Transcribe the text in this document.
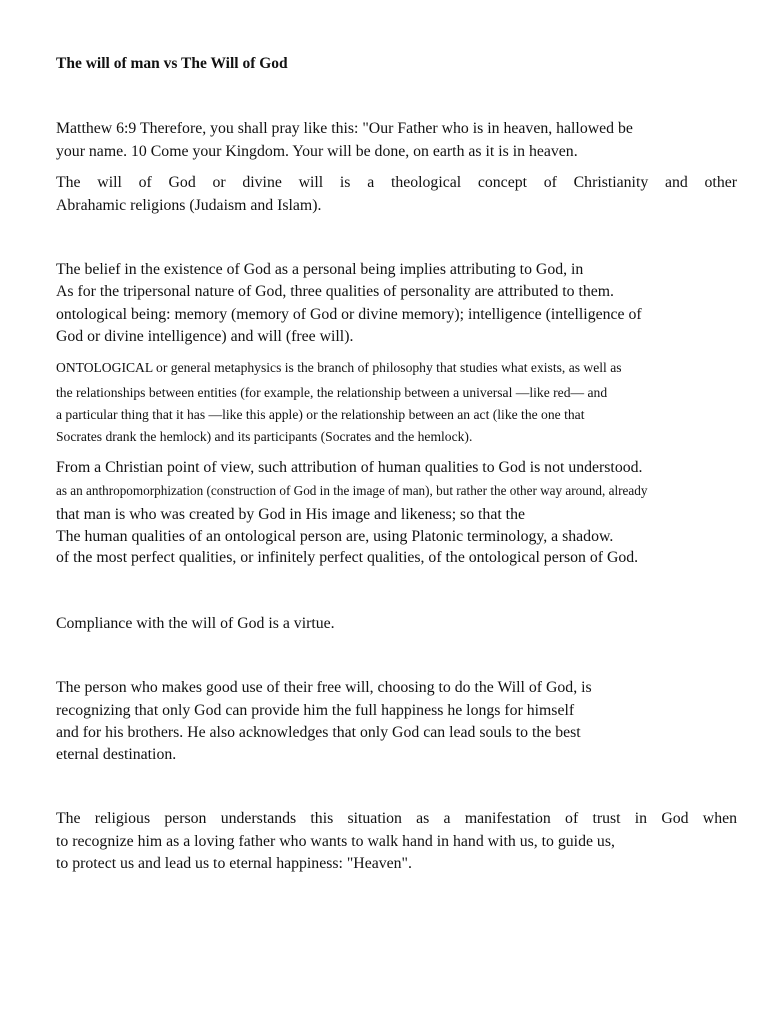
The will of man vs The Will of God
Matthew 6:9 Therefore, you shall pray like this: "Our Father who is in heaven, hallowed be
your name. 10 Come your Kingdom. Your will be done, on earth as it is in heaven.
The will of God or divine will is a theological concept of Christianity and other
Abrahamic religions (Judaism and Islam).
The belief in the existence of God as a personal being implies attributing to God, in
As for the tripersonal nature of God, three qualities of personality are attributed to them.
ontological being: memory (memory of God or divine memory); intelligence (intelligence of
God or divine intelligence) and will (free will).
ONTOLOGICAL or general metaphysics is the branch of philosophy that studies what exists, as well as
the relationships between entities (for example, the relationship between a universal —like red— and
a particular thing that it has —like this apple) or the relationship between an act (like the one that
Socrates drank the hemlock) and its participants (Socrates and the hemlock).
From a Christian point of view, such attribution of human qualities to God is not understood.
as an anthropomorphization (construction of God in the image of man), but rather the other way around, already
that man is who was created by God in His image and likeness; so that the
The human qualities of an ontological person are, using Platonic terminology, a shadow.
of the most perfect qualities, or infinitely perfect qualities, of the ontological person of God.
Compliance with the will of God is a virtue.
The person who makes good use of their free will, choosing to do the Will of God, is
recognizing that only God can provide him the full happiness he longs for himself
and for his brothers. He also acknowledges that only God can lead souls to the best
eternal destination.
The religious person understands this situation as a manifestation of trust in God when
to recognize him as a loving father who wants to walk hand in hand with us, to guide us,
to protect us and lead us to eternal happiness: "Heaven".
